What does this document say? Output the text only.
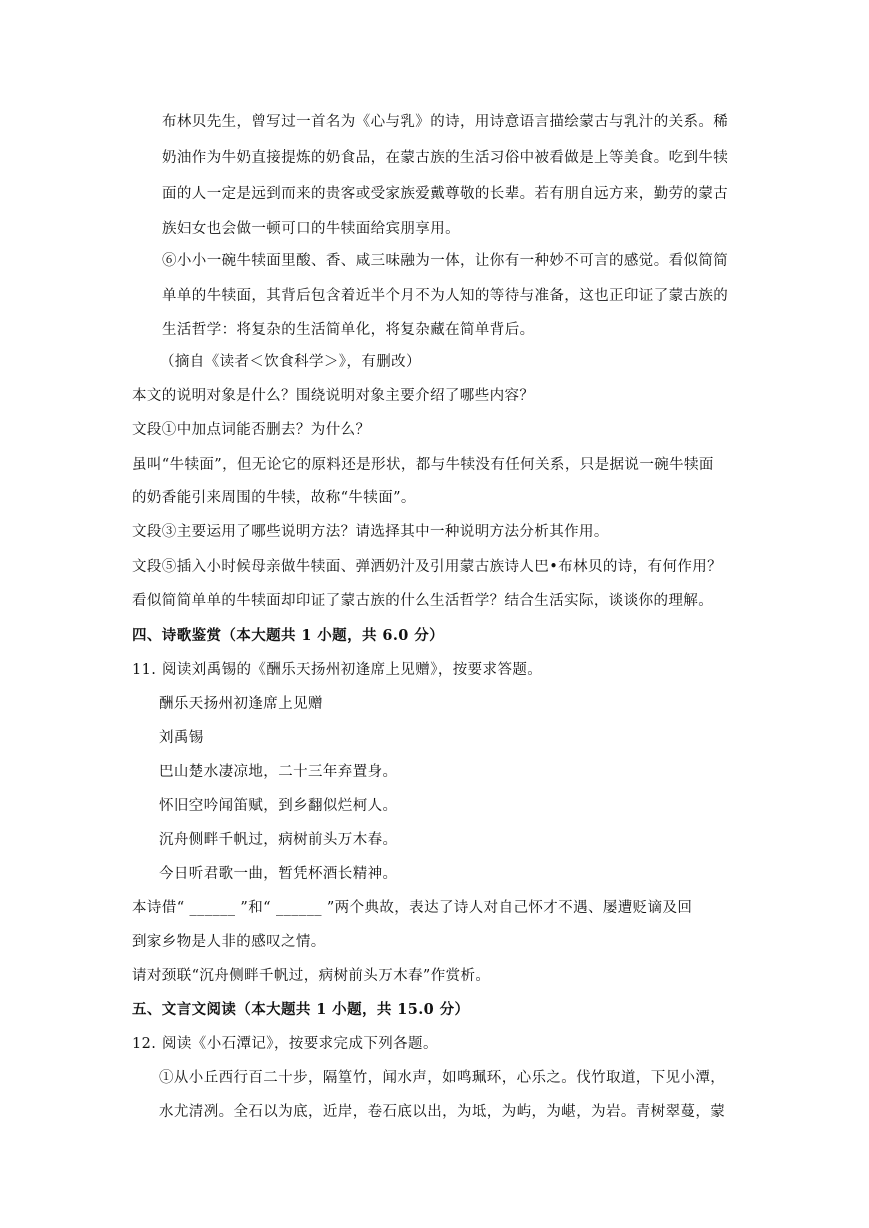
布林贝先生，曾写过一首名为《心与乳》的诗，用诗意语言描绘蒙古与乳汁的关系。稀
奶油作为牛奶直接提炼的奶食品，在蒙古族的生活习俗中被看做是上等美食。吃到牛犊
面的人一定是远到而来的贵客或受家族爱戴尊敬的长辈。若有朋自远方来，勤劳的蒙古
族妇女也会做一顿可口的牛犊面给宾朋享用。
⑥小小一碗牛犊面里酸、香、咸三味融为一体，让你有一种妙不可言的感觉。看似简简
单单的牛犊面，其背后包含着近半个月不为人知的等待与准备，这也正印证了蒙古族的
生活哲学：将复杂的生活简单化，将复杂藏在简单背后。
（摘自《读者＜饮食科学＞》，有删改）
本文的说明对象是什么？围绕说明对象主要介绍了哪些内容？
文段①中加点词能否删去？为什么？
虽叫“牛犊面”，但无论它的原料还是形状，都与牛犊没有任何关系，只是据说一碗牛犊面
的奶香能引来周围的牛犊，故称“牛犊面”。
文段③主要运用了哪些说明方法？请选择其中一种说明方法分析其作用。
文段⑤插入小时候母亲做牛犊面、弹洒奶汁及引用蒙古族诗人巴•布林贝的诗，有何作用？
看似简简单单的牛犊面却印证了蒙古族的什么生活哲学？结合生活实际，谈谈你的理解。
四、诗歌鉴赏（本大题共 1 小题，共 6.0 分）
11. 阅读刘禹锡的《酬乐天扬州初逢席上见赠》，按要求答题。
酬乐天扬州初逢席上见赠
刘禹锡
巴山楚水凄凉地，二十三年弃置身。
怀旧空吟闻笛赋，到乡翻似烂柯人。
沉舟侧畔千帆过，病树前头万木春。
今日听君歌一曲，暂凭杯酒长精神。
本诗借“ ______ ”和“ ______ ”两个典故，表达了诗人对自己怀才不遇、屡遭贬谪及回
到家乡物是人非的感叹之情。
请对颈联“沉舟侧畔千帆过，病树前头万木春”作赏析。
五、文言文阅读（本大题共 1 小题，共 15.0 分）
12. 阅读《小石潭记》，按要求完成下列各题。
①从小丘西行百二十步，隔篁竹，闻水声，如鸣珮环，心乐之。伐竹取道，下见小潭，
水尤清冽。全石以为底，近岸，卷石底以出，为坻，为屿，为嵁，为岩。青树翠蔓，蒙
